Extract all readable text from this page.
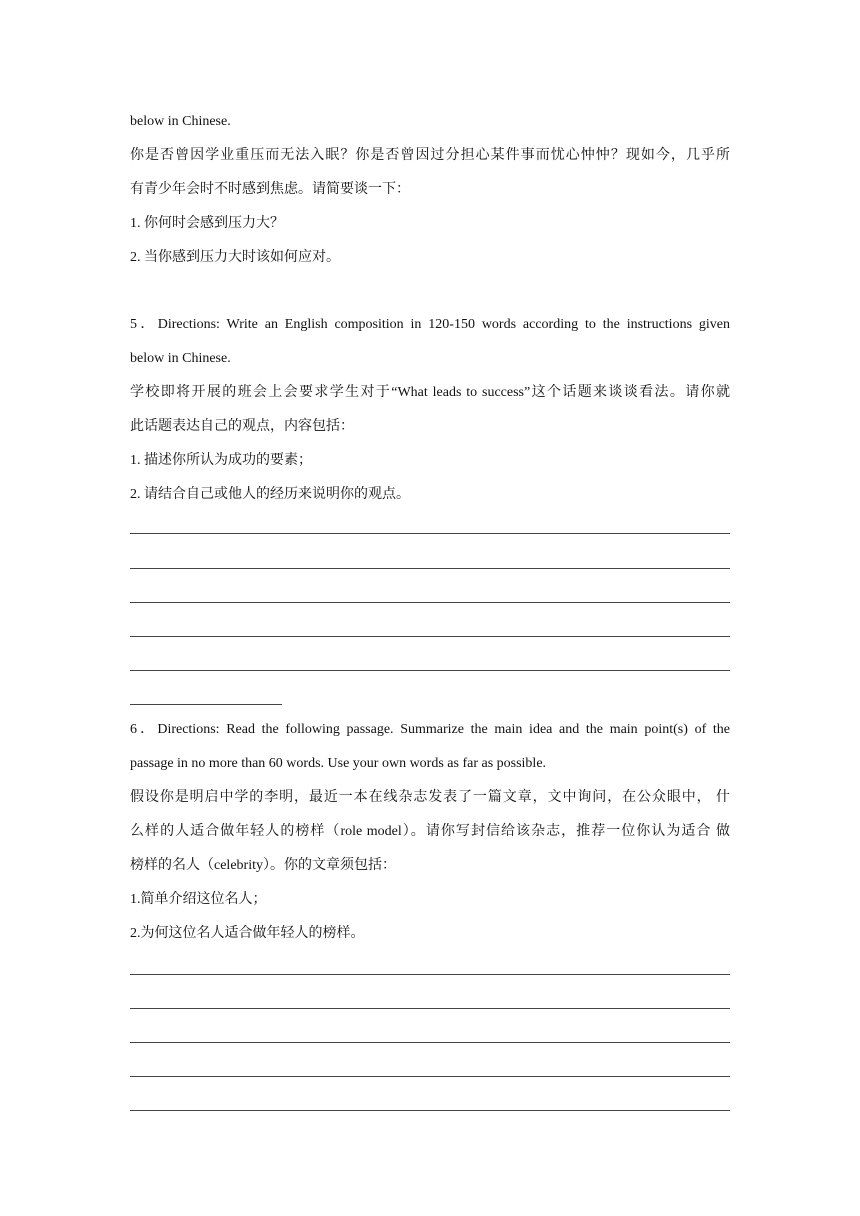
below in Chinese.
你是否曾因学业重压而无法入眠？你是否曾因过分担心某件事而忧心忡忡？现如今，几乎所
有青少年会时不时感到焦虑。请简要谈一下：
1. 你何时会感到压力大？
2. 当你感到压力大时该如何应对。
5．Directions: Write an English composition in 120-150 words according to the instructions given
below in Chinese.
学校即将开展的班会上会要求学生对于“What leads to success”这个话题来谈谈看法。请你就
此话题表达自己的观点，内容包括：
1. 描述你所认为成功的要素；
2. 请结合自己或他人的经历来说明你的观点。
6．Directions: Read the following passage. Summarize the main idea and the main point(s) of the
passage in no more than 60 words. Use your own words as far as possible.
假设你是明启中学的李明，最近一本在线杂志发表了一篇文章，文中询问，在公众眼中， 什
么样的人适合做年轻人的榜样（role model）。请你写封信给该杂志，推荐一位你认为适合 做
榜样的名人（celebrity）。你的文章须包括：
1.简单介绍这位名人；
2.为何这位名人适合做年轻人的榜样。
